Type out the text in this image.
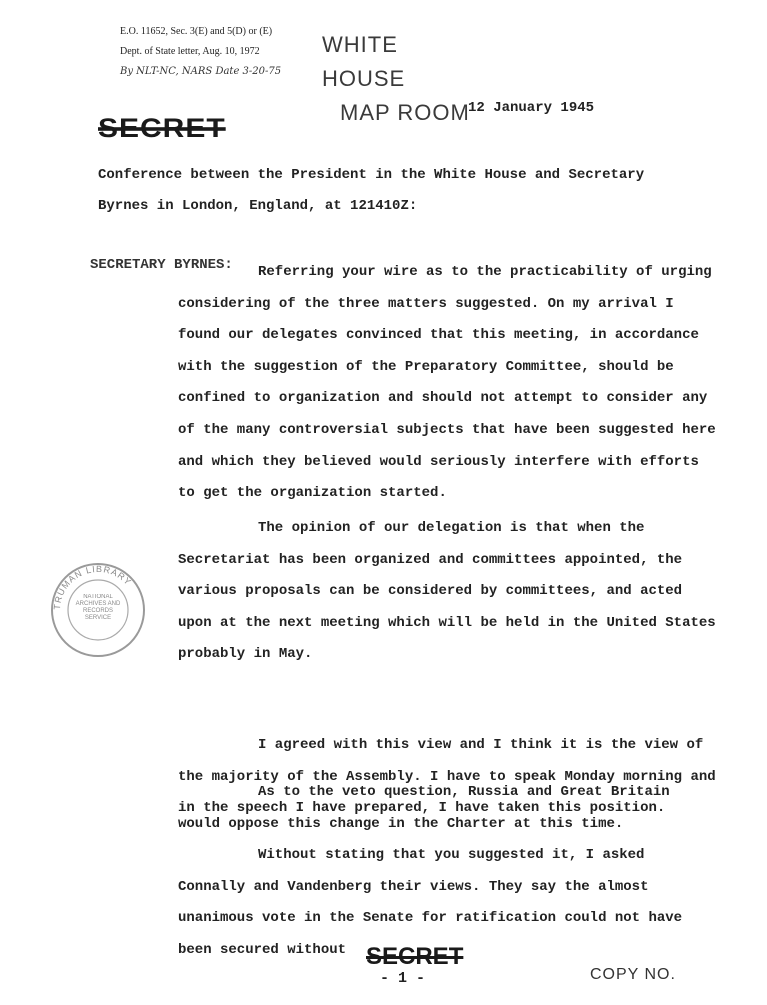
E.O. 11652, Sec. 3(E) and 5(D) or (E)
Dept. of State letter, Aug. 10, 1972
By NLT-NC, NARS Date 3-20-75
WHITE HOUSE
MAP ROOM
12 January 1945
SECRET
Conference between the President in the White House and Secretary Byrnes in London, England, at 121410Z:
SECRETARY BYRNES: Referring your wire as to the practicability of urging
considering of the three matters suggested. On my arrival I found our delegates convinced that this meeting, in accordance with the suggestion of the Preparatory Committee, should be confined to organization and should not attempt to consider any of the many controversial subjects that have been suggested here and which they believed would seriously interfere with efforts to get the organization started.
The opinion of our delegation is that when the Secretariat has been organized and committees appointed, the various proposals can be considered by committees, and acted upon at the next meeting which will be held in the United States probably in May.
I agreed with this view and I think it is the view of the majority of the Assembly. I have to speak Monday morning and in the speech I have prepared, I have taken this position.
As to the veto question, Russia and Great Britain would oppose this change in the Charter at this time.
Without stating that you suggested it, I asked Connally and Vandenberg their views. They say the almost unanimous vote in the Senate for ratification could not have been secured without
TRUMAN LIBRARY
NATIONAL ARCHIVES AND RECORDS SERVICE
SECRET
- 1 -	COPY NO.
